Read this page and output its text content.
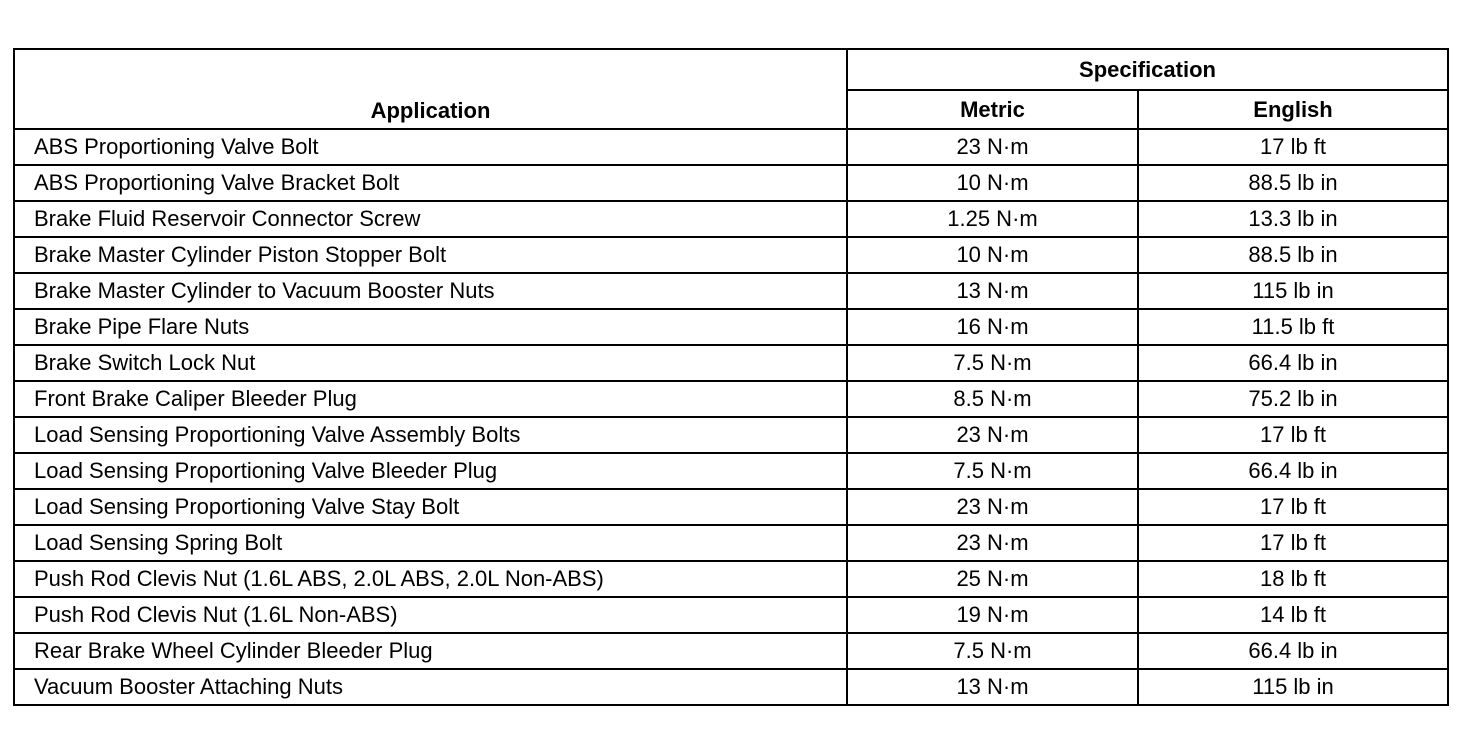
Application	Specification	
	Metric	English
ABS Proportioning Valve Bolt	23 N·m	17 lb ft
ABS Proportioning Valve Bracket Bolt	10 N·m	88.5 lb in
Brake Fluid Reservoir Connector Screw	1.25 N·m	13.3 lb in
Brake Master Cylinder Piston Stopper Bolt	10 N·m	88.5 lb in
Brake Master Cylinder to Vacuum Booster Nuts	13 N·m	115 lb in
Brake Pipe Flare Nuts	16 N·m	11.5 lb ft
Brake Switch Lock Nut	7.5 N·m	66.4 lb in
Front Brake Caliper Bleeder Plug	8.5 N·m	75.2 lb in
Load Sensing Proportioning Valve Assembly Bolts	23 N·m	17 lb ft
Load Sensing Proportioning Valve Bleeder Plug	7.5 N·m	66.4 lb in
Load Sensing Proportioning Valve Stay Bolt	23 N·m	17 lb ft
Load Sensing Spring Bolt	23 N·m	17 lb ft
Push Rod Clevis Nut (1.6L ABS, 2.0L ABS, 2.0L Non-ABS)	25 N·m	18 lb ft
Push Rod Clevis Nut (1.6L Non-ABS)	19 N·m	14 lb ft
Rear Brake Wheel Cylinder Bleeder Plug	7.5 N·m	66.4 lb in
Vacuum Booster Attaching Nuts	13 N·m	115 lb in
